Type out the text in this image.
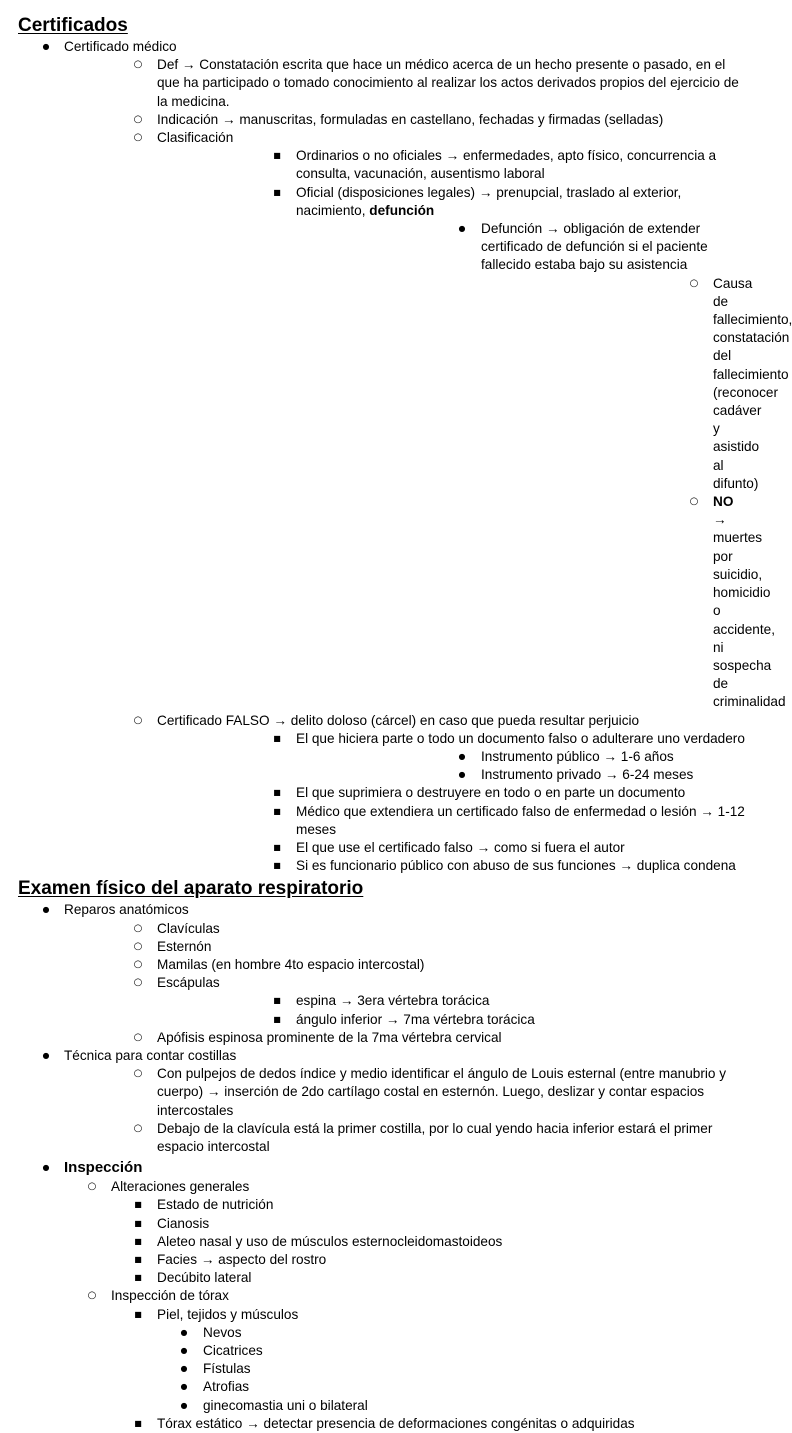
Certificados
●
Certificado médico
○
Def → Constatación escrita que hace un médico acerca de un hecho presente o pasado, en el que ha participado o tomado conocimiento al realizar los actos derivados propios del ejercicio de la medicina.
○
Indicación → manuscritas, formuladas en castellano, fechadas y firmadas (selladas)
○
Clasificación
■
Ordinarios o no oficiales → enfermedades, apto físico, concurrencia a consulta, vacunación, ausentismo laboral
■
Oficial (disposiciones legales) → prenupcial, traslado al exterior, nacimiento, defunción
●
Defunción → obligación de extender certificado de defunción si el paciente fallecido estaba bajo su asistencia
○
Causa de fallecimiento, constatación del fallecimiento (reconocer cadáver y asistido al difunto)
○
NO → muertes por suicidio, homicidio o accidente, ni sospecha de criminalidad
○
Certificado FALSO → delito doloso (cárcel) en caso que pueda resultar perjuicio
■
El que hiciera parte o todo un documento falso o adulterare uno verdadero
●
Instrumento público → 1-6 años
●
Instrumento privado → 6-24 meses
■
El que suprimiera o destruyere en todo o en parte un documento
■
Médico que extendiera un certificado falso de enfermedad o lesión → 1-12 meses
■
El que use el certificado falso → como si fuera el autor
■
Si es funcionario público con abuso de sus funciones → duplica condena
Examen físico del aparato respiratorio
●
Reparos anatómicos
○
Clavículas
○
Esternón
○
Mamilas (en hombre 4to espacio intercostal)
○
Escápulas
■
espina → 3era vértebra torácica
■
ángulo inferior → 7ma vértebra torácica
○
Apófisis espinosa prominente de la 7ma vértebra cervical
●
Técnica para contar costillas
○
Con pulpejos de dedos índice y medio identificar el ángulo de Louis esternal (entre manubrio y cuerpo) → inserción de 2do cartílago costal en esternón. Luego, deslizar y contar espacios intercostales
○
Debajo de la clavícula está la primer costilla, por lo cual yendo hacia inferior estará el primer espacio intercostal
●
Inspección
○
Alteraciones generales
■
Estado de nutrición
■
Cianosis
■
Aleteo nasal y uso de músculos esternocleidomastoideos
■
Facies → aspecto del rostro
■
Decúbito lateral
○
Inspección de tórax
■
Piel, tejidos y músculos
●
Nevos
●
Cicatrices
●
Fístulas
●
Atrofias
●
ginecomastia uni o bilateral
■
Tórax estático → detectar presencia de deformaciones congénitas o adquiridas
